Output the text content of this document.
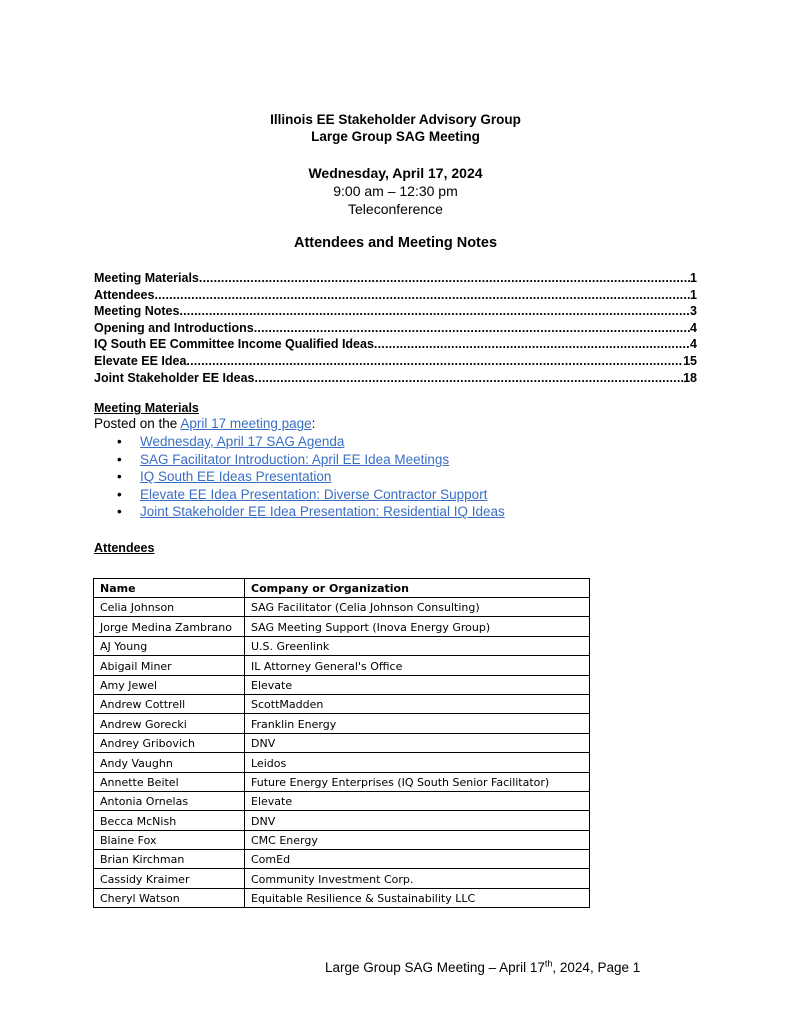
Illinois EE Stakeholder Advisory Group
Large Group SAG Meeting
Wednesday, April 17, 2024
9:00 am – 12:30 pm
Teleconference
Attendees and Meeting Notes
Meeting Materials .....	1
Attendees .....	1
Meeting Notes .....	3
Opening and Introductions .....	4
IQ South EE Committee Income Qualified Ideas .....	4
Elevate EE Idea .....	15
Joint Stakeholder EE Ideas .....	18
Meeting Materials
Posted on the April 17 meeting page:
• Wednesday, April 17 SAG Agenda
• SAG Facilitator Introduction: April EE Idea Meetings
• IQ South EE Ideas Presentation
• Elevate EE Idea Presentation: Diverse Contractor Support
• Joint Stakeholder EE Idea Presentation: Residential IQ Ideas
Attendees
Name	Company or Organization
Celia Johnson	SAG Facilitator (Celia Johnson Consulting)
Jorge Medina Zambrano	SAG Meeting Support (Inova Energy Group)
AJ Young	U.S. Greenlink
Abigail Miner	IL Attorney General's Office
Amy Jewel	Elevate
Andrew Cottrell	ScottMadden
Andrew Gorecki	Franklin Energy
Andrey Gribovich	DNV
Andy Vaughn	Leidos
Annette Beitel	Future Energy Enterprises (IQ South Senior Facilitator)
Antonia Ornelas	Elevate
Becca McNish	DNV
Blaine Fox	CMC Energy
Brian Kirchman	ComEd
Cassidy Kraimer	Community Investment Corp.
Cheryl Watson	Equitable Resilience & Sustainability LLC
Large Group SAG Meeting – April 17th, 2024, Page 1
